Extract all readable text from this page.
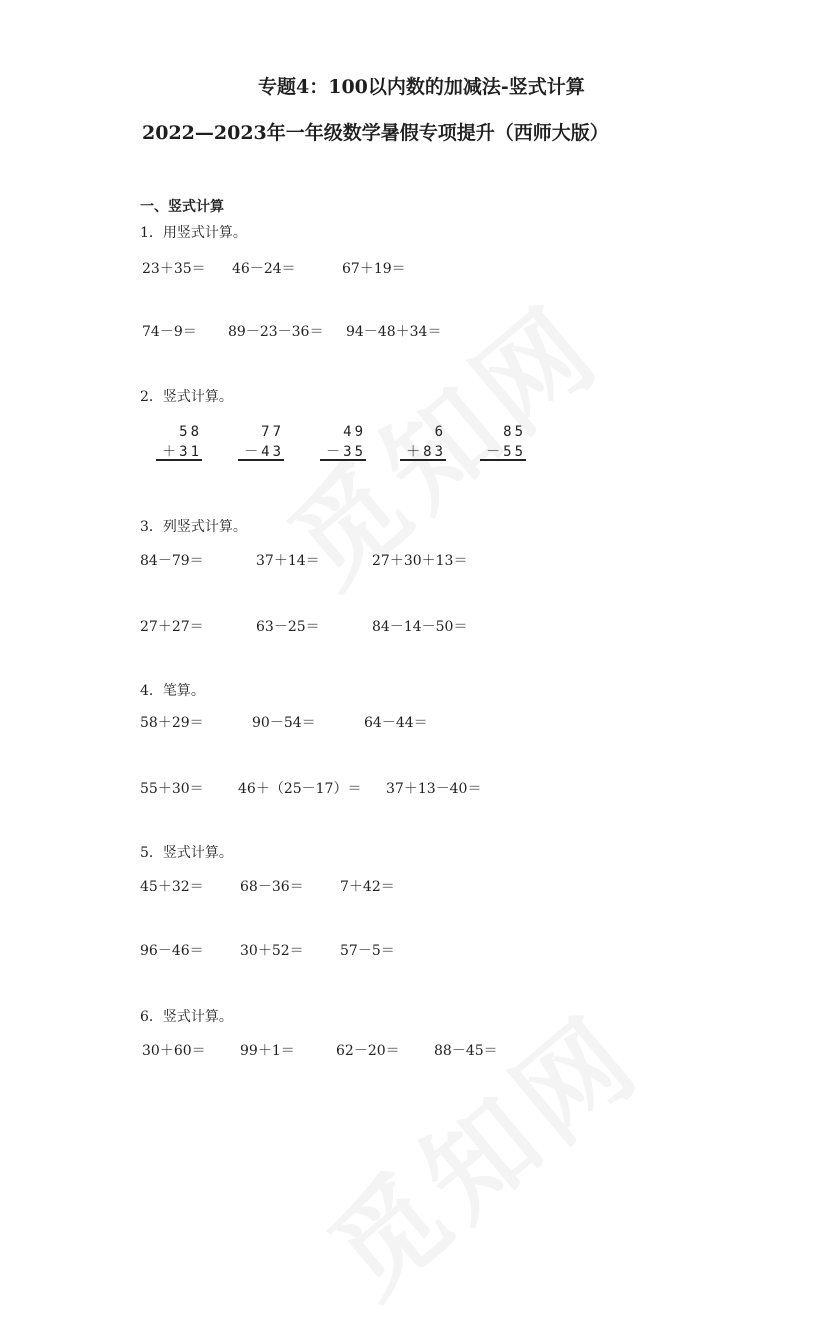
专题4：100以内数的加减法-竖式计算
2022—2023年一年级数学暑假专项提升（西师大版）
一、竖式计算
1．用竖式计算。
23＋35＝ 46－24＝	67＋19＝
74－9＝ 89－23－36＝ 94－48＋34＝
2．竖式计算。
58
＋31
77
－43
49
－35
6
＋83
85
－55
3．列竖式计算。
84－79＝	37＋14＝	27＋30＋13＝
27＋27＝	63－25＝	84－14－50＝
4．笔算。
58＋29＝	90－54＝	64－44＝
55＋30＝ 46＋（25－17）＝ 37＋13－40＝
5．竖式计算。
45＋32＝	68－36＝	7＋42＝
96－46＝	30＋52＝	57－5＝
6．竖式计算。
30＋60＝ 99＋1＝	62－20＝ 88－45＝
